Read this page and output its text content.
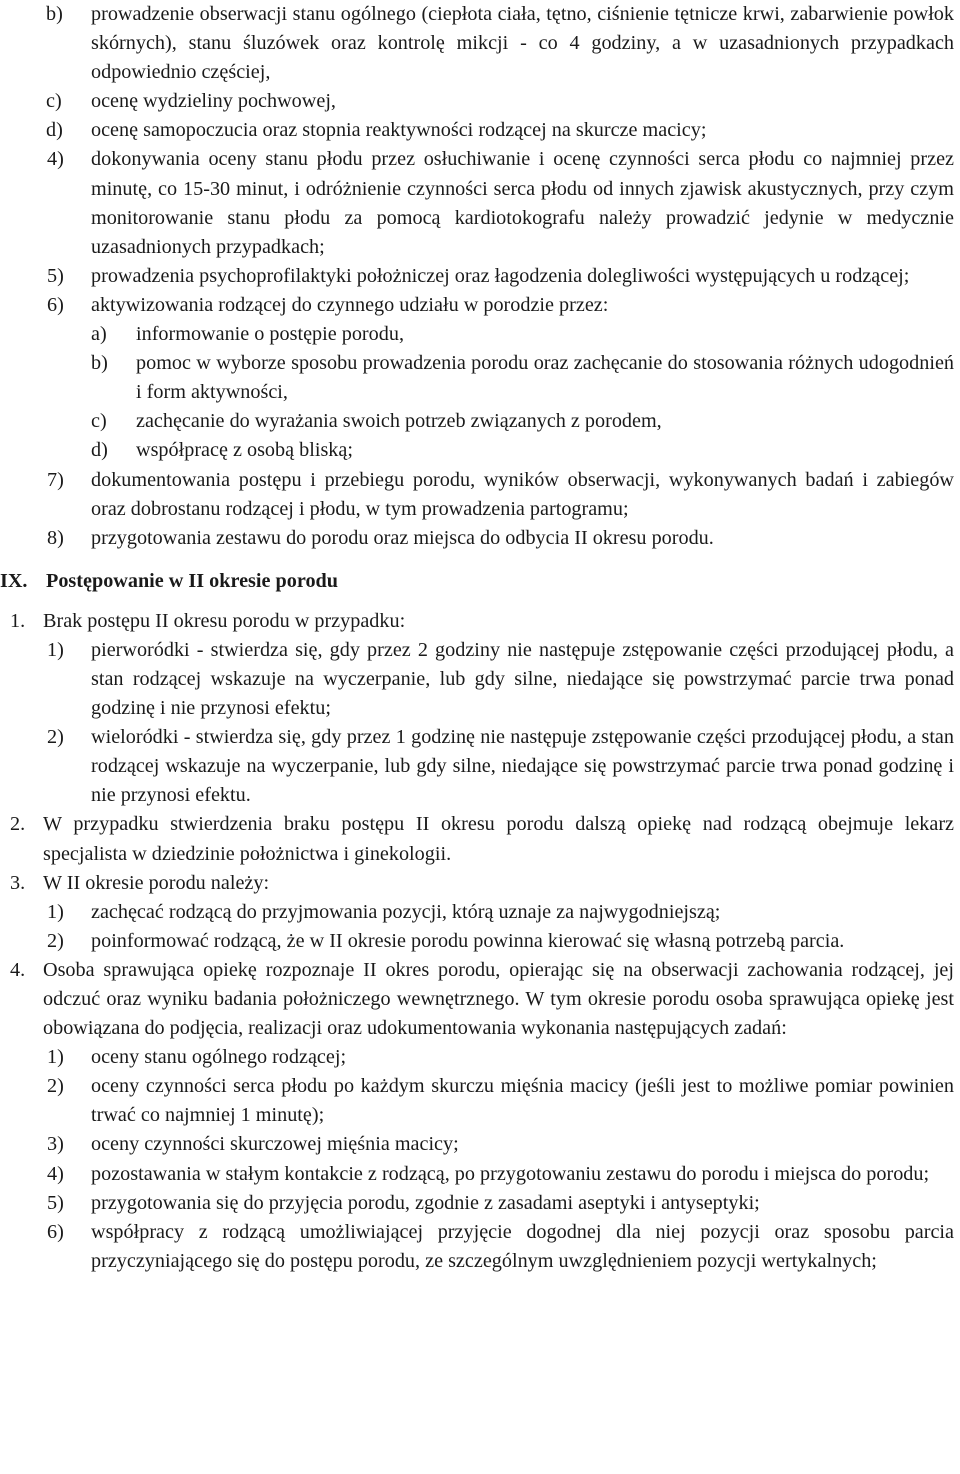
b) prowadzenie obserwacji stanu ogólnego (ciepłota ciała, tętno, ciśnienie tętnicze krwi, zabarwienie powłok skórnych), stanu śluzówek oraz kontrolę mikcji - co 4 godziny, a w uzasadnionych przypadkach odpowiednio częściej,
c) ocenę wydzieliny pochwowej,
d) ocenę samopoczucia oraz stopnia reaktywności rodzącej na skurcze macicy;
4) dokonywania oceny stanu płodu przez osłuchiwanie i ocenę czynności serca płodu co najmniej przez minutę, co 15-30 minut, i odróżnienie czynności serca płodu od innych zjawisk akustycznych, przy czym monitorowanie stanu płodu za pomocą kardiotokografu należy prowadzić jedynie w medycznie uzasadnionych przypadkach;
5) prowadzenia psychoprofilaktyki położniczej oraz łagodzenia dolegliwości występujących u rodzącej;
6) aktywizowania rodzącej do czynnego udziału w porodzie przez:
a) informowanie o postępie porodu,
b) pomoc w wyborze sposobu prowadzenia porodu oraz zachęcanie do stosowania różnych udogodnień i form aktywności,
c) zachęcanie do wyrażania swoich potrzeb związanych z porodem,
d) współpracę z osobą bliską;
7) dokumentowania postępu i przebiegu porodu, wyników obserwacji, wykonywanych badań i zabiegów oraz dobrostanu rodzącej i płodu, w tym prowadzenia partogramu;
8) przygotowania zestawu do porodu oraz miejsca do odbycia II okresu porodu.
IX. Postępowanie w II okresie porodu
1. Brak postępu II okresu porodu w przypadku:
1) pierworódki - stwierdza się, gdy przez 2 godziny nie następuje zstępowanie części przodującej płodu, a stan rodzącej wskazuje na wyczerpanie, lub gdy silne, niedające się powstrzymać parcie trwa ponad godzinę i nie przynosi efektu;
2) wieloródki - stwierdza się, gdy przez 1 godzinę nie następuje zstępowanie części przodującej płodu, a stan rodzącej wskazuje na wyczerpanie, lub gdy silne, niedające się powstrzymać parcie trwa ponad godzinę i nie przynosi efektu.
2. W przypadku stwierdzenia braku postępu II okresu porodu dalszą opiekę nad rodzącą obejmuje lekarz specjalista w dziedzinie położnictwa i ginekologii.
3. W II okresie porodu należy:
1) zachęcać rodzącą do przyjmowania pozycji, którą uznaje za najwygodniejszą;
2) poinformować rodzącą, że w II okresie porodu powinna kierować się własną potrzebą parcia.
4. Osoba sprawująca opiekę rozpoznaje II okres porodu, opierając się na obserwacji zachowania rodzącej, jej odczuć oraz wyniku badania położniczego wewnętrznego. W tym okresie porodu osoba sprawująca opiekę jest obowiązana do podjęcia, realizacji oraz udokumentowania wykonania następujących zadań:
1) oceny stanu ogólnego rodzącej;
2) oceny czynności serca płodu po każdym skurczu mięśnia macicy (jeśli jest to możliwe pomiar powinien trwać co najmniej 1 minutę);
3) oceny czynności skurczowej mięśnia macicy;
4) pozostawania w stałym kontakcie z rodzącą, po przygotowaniu zestawu do porodu i miejsca do porodu;
5) przygotowania się do przyjęcia porodu, zgodnie z zasadami aseptyki i antyseptyki;
6) współpracy z rodzącą umożliwiającej przyjęcie dogodnej dla niej pozycji oraz sposobu parcia przyczyniającego się do postępu porodu, ze szczególnym uwzględnieniem pozycji wertykalnych;
